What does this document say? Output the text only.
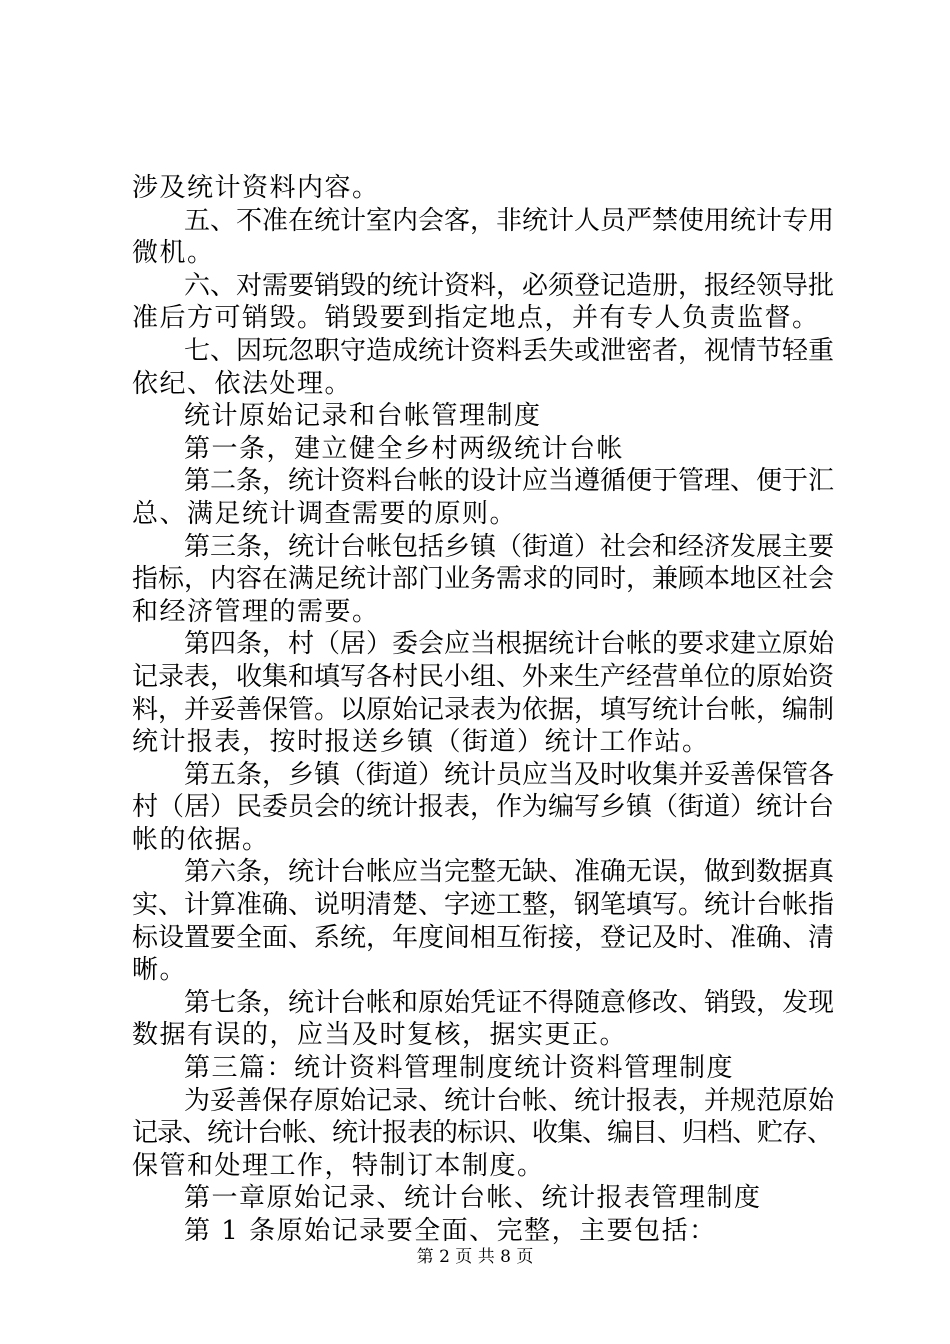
涉及统计资料内容。
五、不准在统计室内会客，非统计人员严禁使用统计专用
微机。
六、对需要销毁的统计资料，必须登记造册，报经领导批
准后方可销毁。销毁要到指定地点，并有专人负责监督。
七、因玩忽职守造成统计资料丢失或泄密者，视情节轻重
依纪、依法处理。
统计原始记录和台帐管理制度
第一条，建立健全乡村两级统计台帐
第二条，统计资料台帐的设计应当遵循便于管理、便于汇
总、满足统计调查需要的原则。
第三条，统计台帐包括乡镇（街道）社会和经济发展主要
指标，内容在满足统计部门业务需求的同时，兼顾本地区社会
和经济管理的需要。
第四条，村（居）委会应当根据统计台帐的要求建立原始
记录表，收集和填写各村民小组、外来生产经营单位的原始资
料，并妥善保管。以原始记录表为依据，填写统计台帐，编制
统计报表，按时报送乡镇（街道）统计工作站。
第五条，乡镇（街道）统计员应当及时收集并妥善保管各
村（居）民委员会的统计报表，作为编写乡镇（街道）统计台
帐的依据。
第六条，统计台帐应当完整无缺、准确无误，做到数据真
实、计算准确、说明清楚、字迹工整，钢笔填写。统计台帐指
标设置要全面、系统，年度间相互衔接，登记及时、准确、清
晰。
第七条，统计台帐和原始凭证不得随意修改、销毁，发现
数据有误的，应当及时复核，据实更正。
第三篇：统计资料管理制度统计资料管理制度
为妥善保存原始记录、统计台帐、统计报表，并规范原始
记录、统计台帐、统计报表的标识、收集、编目、归档、贮存、
保管和处理工作，特制订本制度。
第一章原始记录、统计台帐、统计报表管理制度
第 1 条原始记录要全面、完整，主要包括：
第 2 页 共 8 页
